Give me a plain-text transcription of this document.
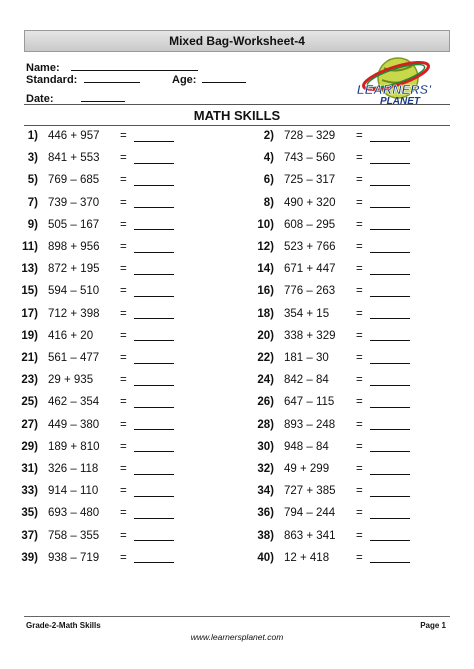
Mixed Bag-Worksheet-4
Name:
Standard:	Age:
Date:
LEARNERS'
PLANET
MATH SKILLS
1) 446 + 957	=	2) 728 – 329	=
3) 841 + 553	=	4) 743 – 560	=
5) 769 – 685	=	6) 725 – 317	=
7) 739 – 370	=	8) 490 + 320	=
9) 505 – 167	=	10) 608 – 295	=
11) 898 + 956	=	12) 523 + 766	=
13) 872 + 195	=	14) 671 + 447	=
15) 594 – 510	=	16) 776 – 263	=
17) 712 + 398	=	18) 354 + 15	=
19) 416 + 20	=	20) 338 + 329	=
21) 561 – 477	=	22) 181 – 30	=
23) 29 + 935	=	24) 842 – 84	=
25) 462 – 354	=	26) 647 – 115	=
27) 449 – 380	=	28) 893 – 248	=
29) 189 + 810	=	30) 948 – 84	=
31) 326 – 118	=	32) 49 + 299	=
33) 914 – 110	=	34) 727 + 385	=
35) 693 – 480	=	36) 794 – 244	=
37) 758 – 355	=	38) 863 + 341	=
39) 938 – 719	=	40) 12 + 418	=
Grade-2-Math Skills	Page 1
www.learnersplanet.com
